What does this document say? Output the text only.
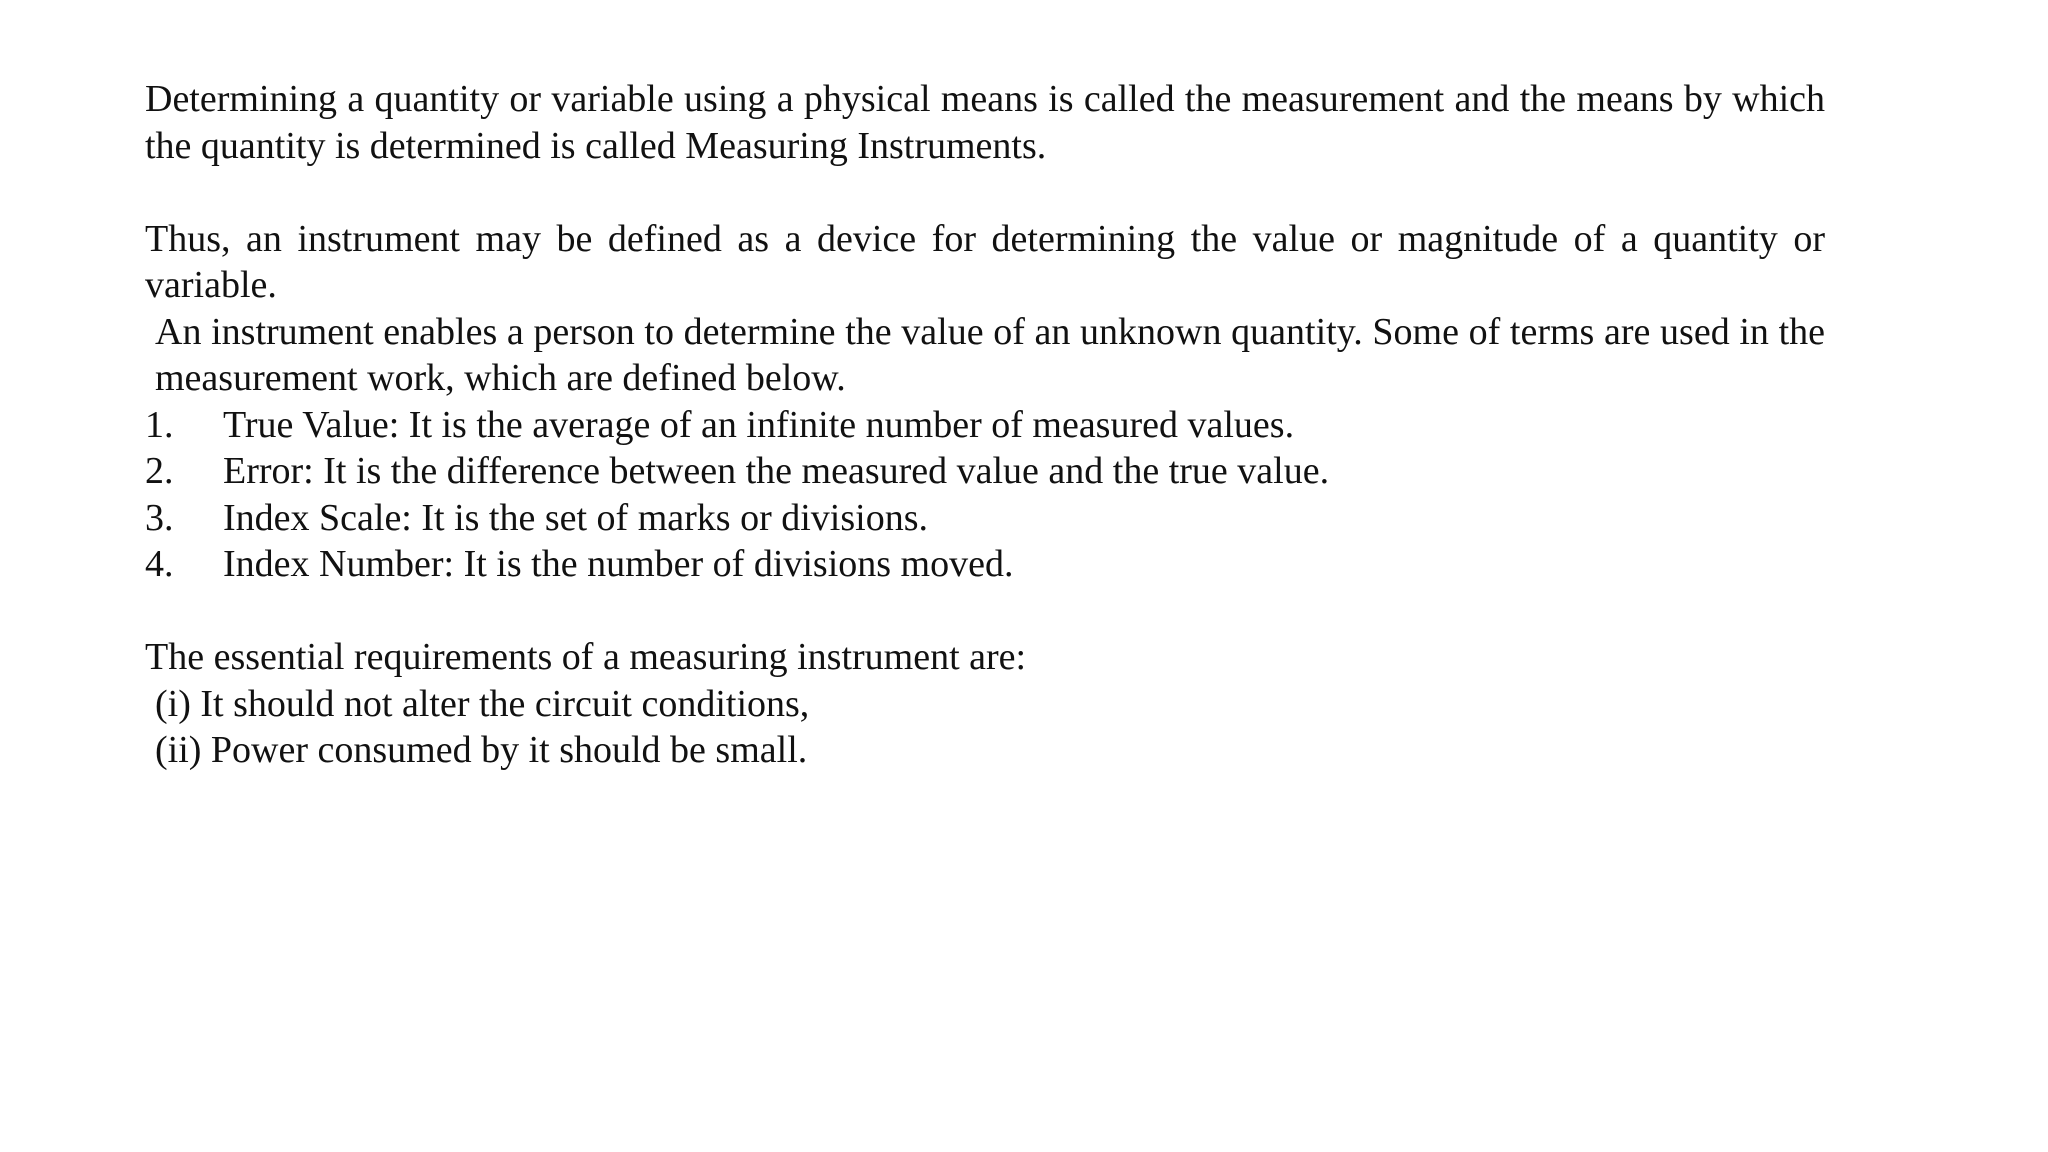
Determining a quantity or variable using a physical means is called the measurement and the means by which the quantity is determined is called Measuring Instruments.

Thus, an instrument may be defined as a device for determining the value or magnitude of a quantity or variable.

An instrument enables a person to determine the value of an unknown quantity. Some of terms are used in the measurement work, which are defined below.

1.	True Value: It is the average of an infinite number of measured values.
2.	Error: It is the difference between the measured value and the true value.
3.	Index Scale: It is the set of marks or divisions.
4.	Index Number: It is the number of divisions moved.

The essential requirements of a measuring instrument are:

(i) It should not alter the circuit conditions,

(ii) Power consumed by it should be small.
